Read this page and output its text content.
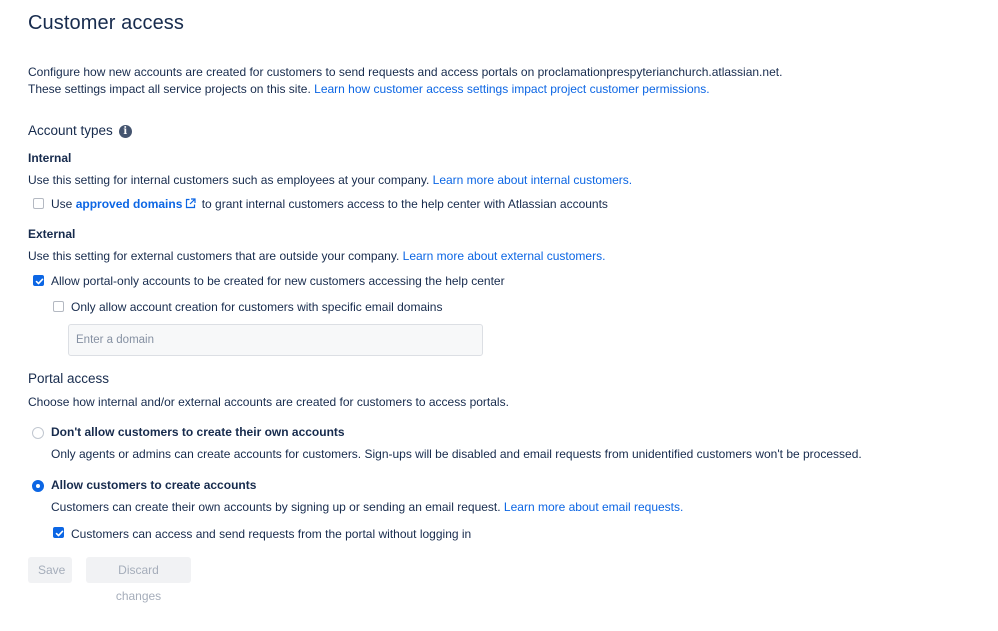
Customer access
Configure how new accounts are created for customers to send requests and access portals on proclamationprespyterianchurch.atlassian.net.
These settings impact all service projects on this site. Learn how customer access settings impact project customer permissions.
Account types i
Internal
Use this setting for internal customers such as employees at your company. Learn more about internal customers.
Use approved domains to grant internal customers access to the help center with Atlassian accounts
External
Use this setting for external customers that are outside your company. Learn more about external customers.
Allow portal-only accounts to be created for new customers accessing the help center
Only allow account creation for customers with specific email domains
Enter a domain
Portal access
Choose how internal and/or external accounts are created for customers to access portals.
Don't allow customers to create their own accounts
Only agents or admins can create accounts for customers. Sign-ups will be disabled and email requests from unidentified customers won't be processed.
Allow customers to create accounts
Customers can create their own accounts by signing up or sending an email request. Learn more about email requests.
Customers can access and send requests from the portal without logging in
Save	Discard changes
